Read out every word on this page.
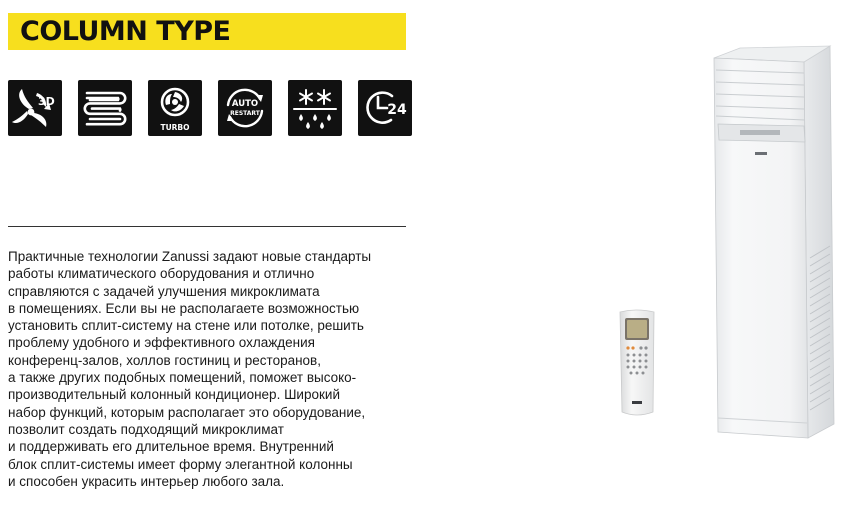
COLUMN TYPE
3D
TURBO
AUTO
RESTART	24
Практичные технологии Zanussi задают новые стандарты
работы климатического оборудования и отлично
справляются с задачей улучшения микроклимата
в помещениях. Если вы не располагаете возможностью
установить сплит-систему на стене или потолке, решить
проблему удобного и эффективного охлаждения
конференц-залов, холлов гостиниц и ресторанов,
а также других подобных помещений, поможет высоко-
производительный колонный кондиционер. Широкий
набор функций, которым располагает это оборудование,
позволит создать подходящий микроклимат
и поддерживать его длительное время. Внутренний
блок сплит-системы имеет форму элегантной колонны
и способен украсить интерьер любого зала.
